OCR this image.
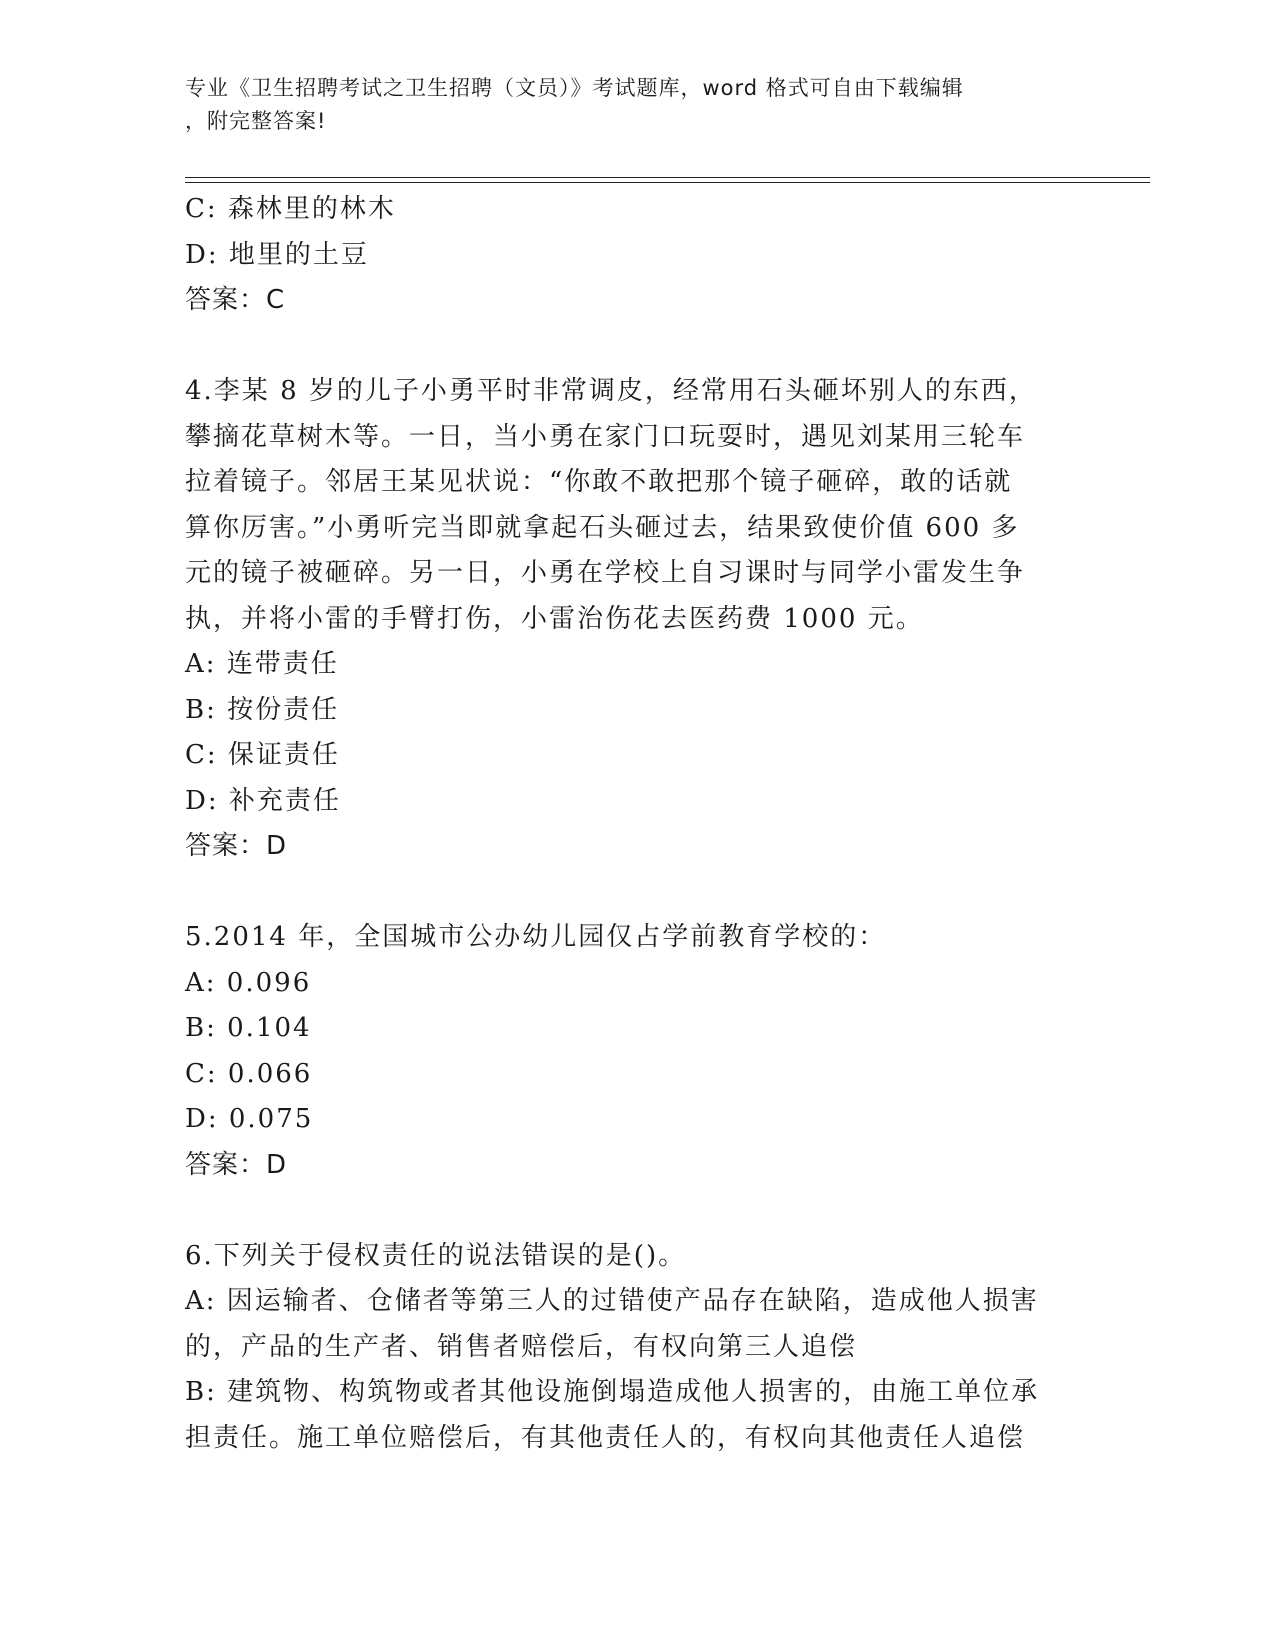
专业《卫生招聘考试之卫生招聘（文员）》考试题库，word 格式可自由下载编辑
，附完整答案!
C: 森林里的林木
D: 地里的土豆
答案：C
4.李某 8 岁的儿子小勇平时非常调皮，经常用石头砸坏别人的东西，
攀摘花草树木等。一日，当小勇在家门口玩耍时，遇见刘某用三轮车
拉着镜子。邻居王某见状说：“你敢不敢把那个镜子砸碎，敢的话就
算你厉害。”小勇听完当即就拿起石头砸过去，结果致使价值 600 多
元的镜子被砸碎。另一日，小勇在学校上自习课时与同学小雷发生争
执，并将小雷的手臂打伤，小雷治伤花去医药费 1000 元。
A: 连带责任
B: 按份责任
C: 保证责任
D: 补充责任
答案：D
5.2014 年，全国城市公办幼儿园仅占学前教育学校的：
A: 0.096
B: 0.104
C: 0.066
D: 0.075
答案：D
6.下列关于侵权责任的说法错误的是()。
A: 因运输者、仓储者等第三人的过错使产品存在缺陷，造成他人损害
的，产品的生产者、销售者赔偿后，有权向第三人追偿
B: 建筑物、构筑物或者其他设施倒塌造成他人损害的，由施工单位承
担责任。施工单位赔偿后，有其他责任人的，有权向其他责任人追偿
